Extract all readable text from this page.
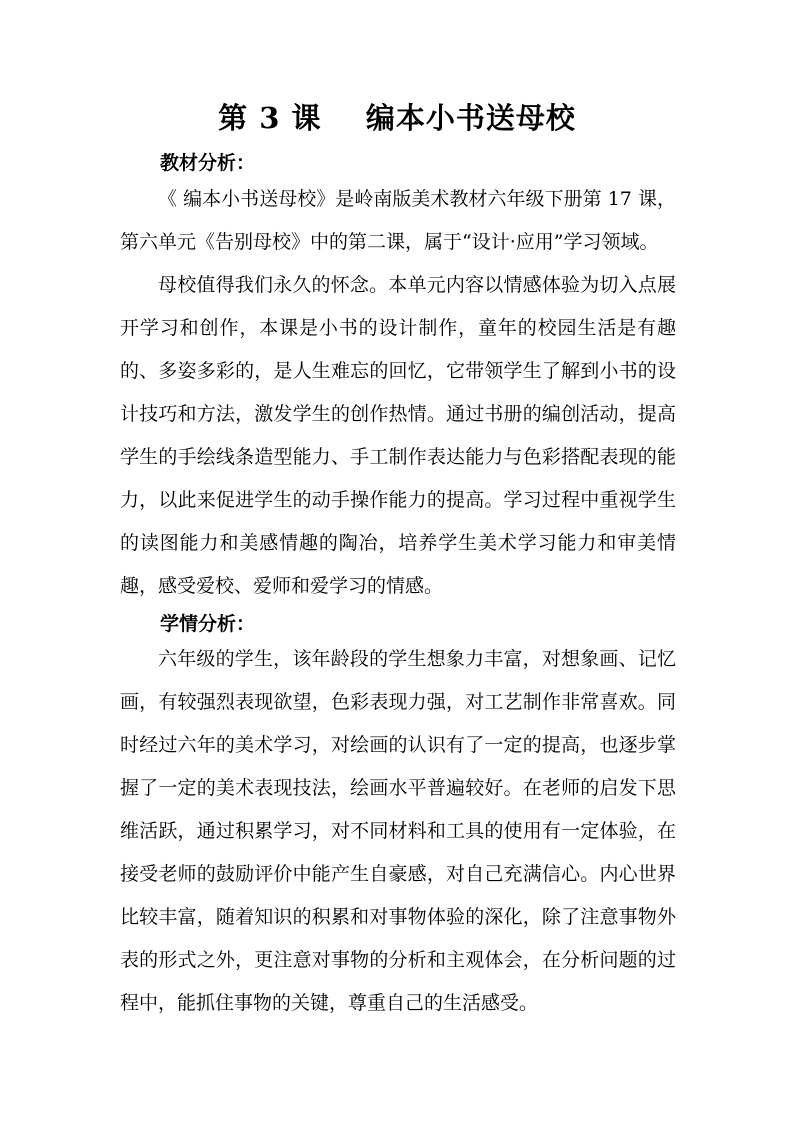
第 3 课    编本小书送母校
教材分析：
《 编本小书送母校》是岭南版美术教材六年级下册第 17 课，第六单元《告别母校》中的第二课，属于“设计·应用”学习领域。
母校值得我们永久的怀念。本单元内容以情感体验为切入点展开学习和创作，本课是小书的设计制作，童年的校园生活是有趣的、多姿多彩的，是人生难忘的回忆，它带领学生了解到小书的设计技巧和方法，激发学生的创作热情。通过书册的编创活动，提高学生的手绘线条造型能力、手工制作表达能力与色彩搭配表现的能力，以此来促进学生的动手操作能力的提高。学习过程中重视学生的读图能力和美感情趣的陶冶，培养学生美术学习能力和审美情趣，感受爱校、爱师和爱学习的情感。
学情分析：
六年级的学生，该年龄段的学生想象力丰富，对想象画、记忆画，有较强烈表现欲望，色彩表现力强，对工艺制作非常喜欢。同时经过六年的美术学习，对绘画的认识有了一定的提高，也逐步掌握了一定的美术表现技法，绘画水平普遍较好。在老师的启发下思维活跃，通过积累学习，对不同材料和工具的使用有一定体验，在接受老师的鼓励评价中能产生自豪感，对自己充满信心。内心世界比较丰富，随着知识的积累和对事物体验的深化，除了注意事物外表的形式之外，更注意对事物的分析和主观体会，在分析问题的过程中，能抓住事物的关键，尊重自己的生活感受。
